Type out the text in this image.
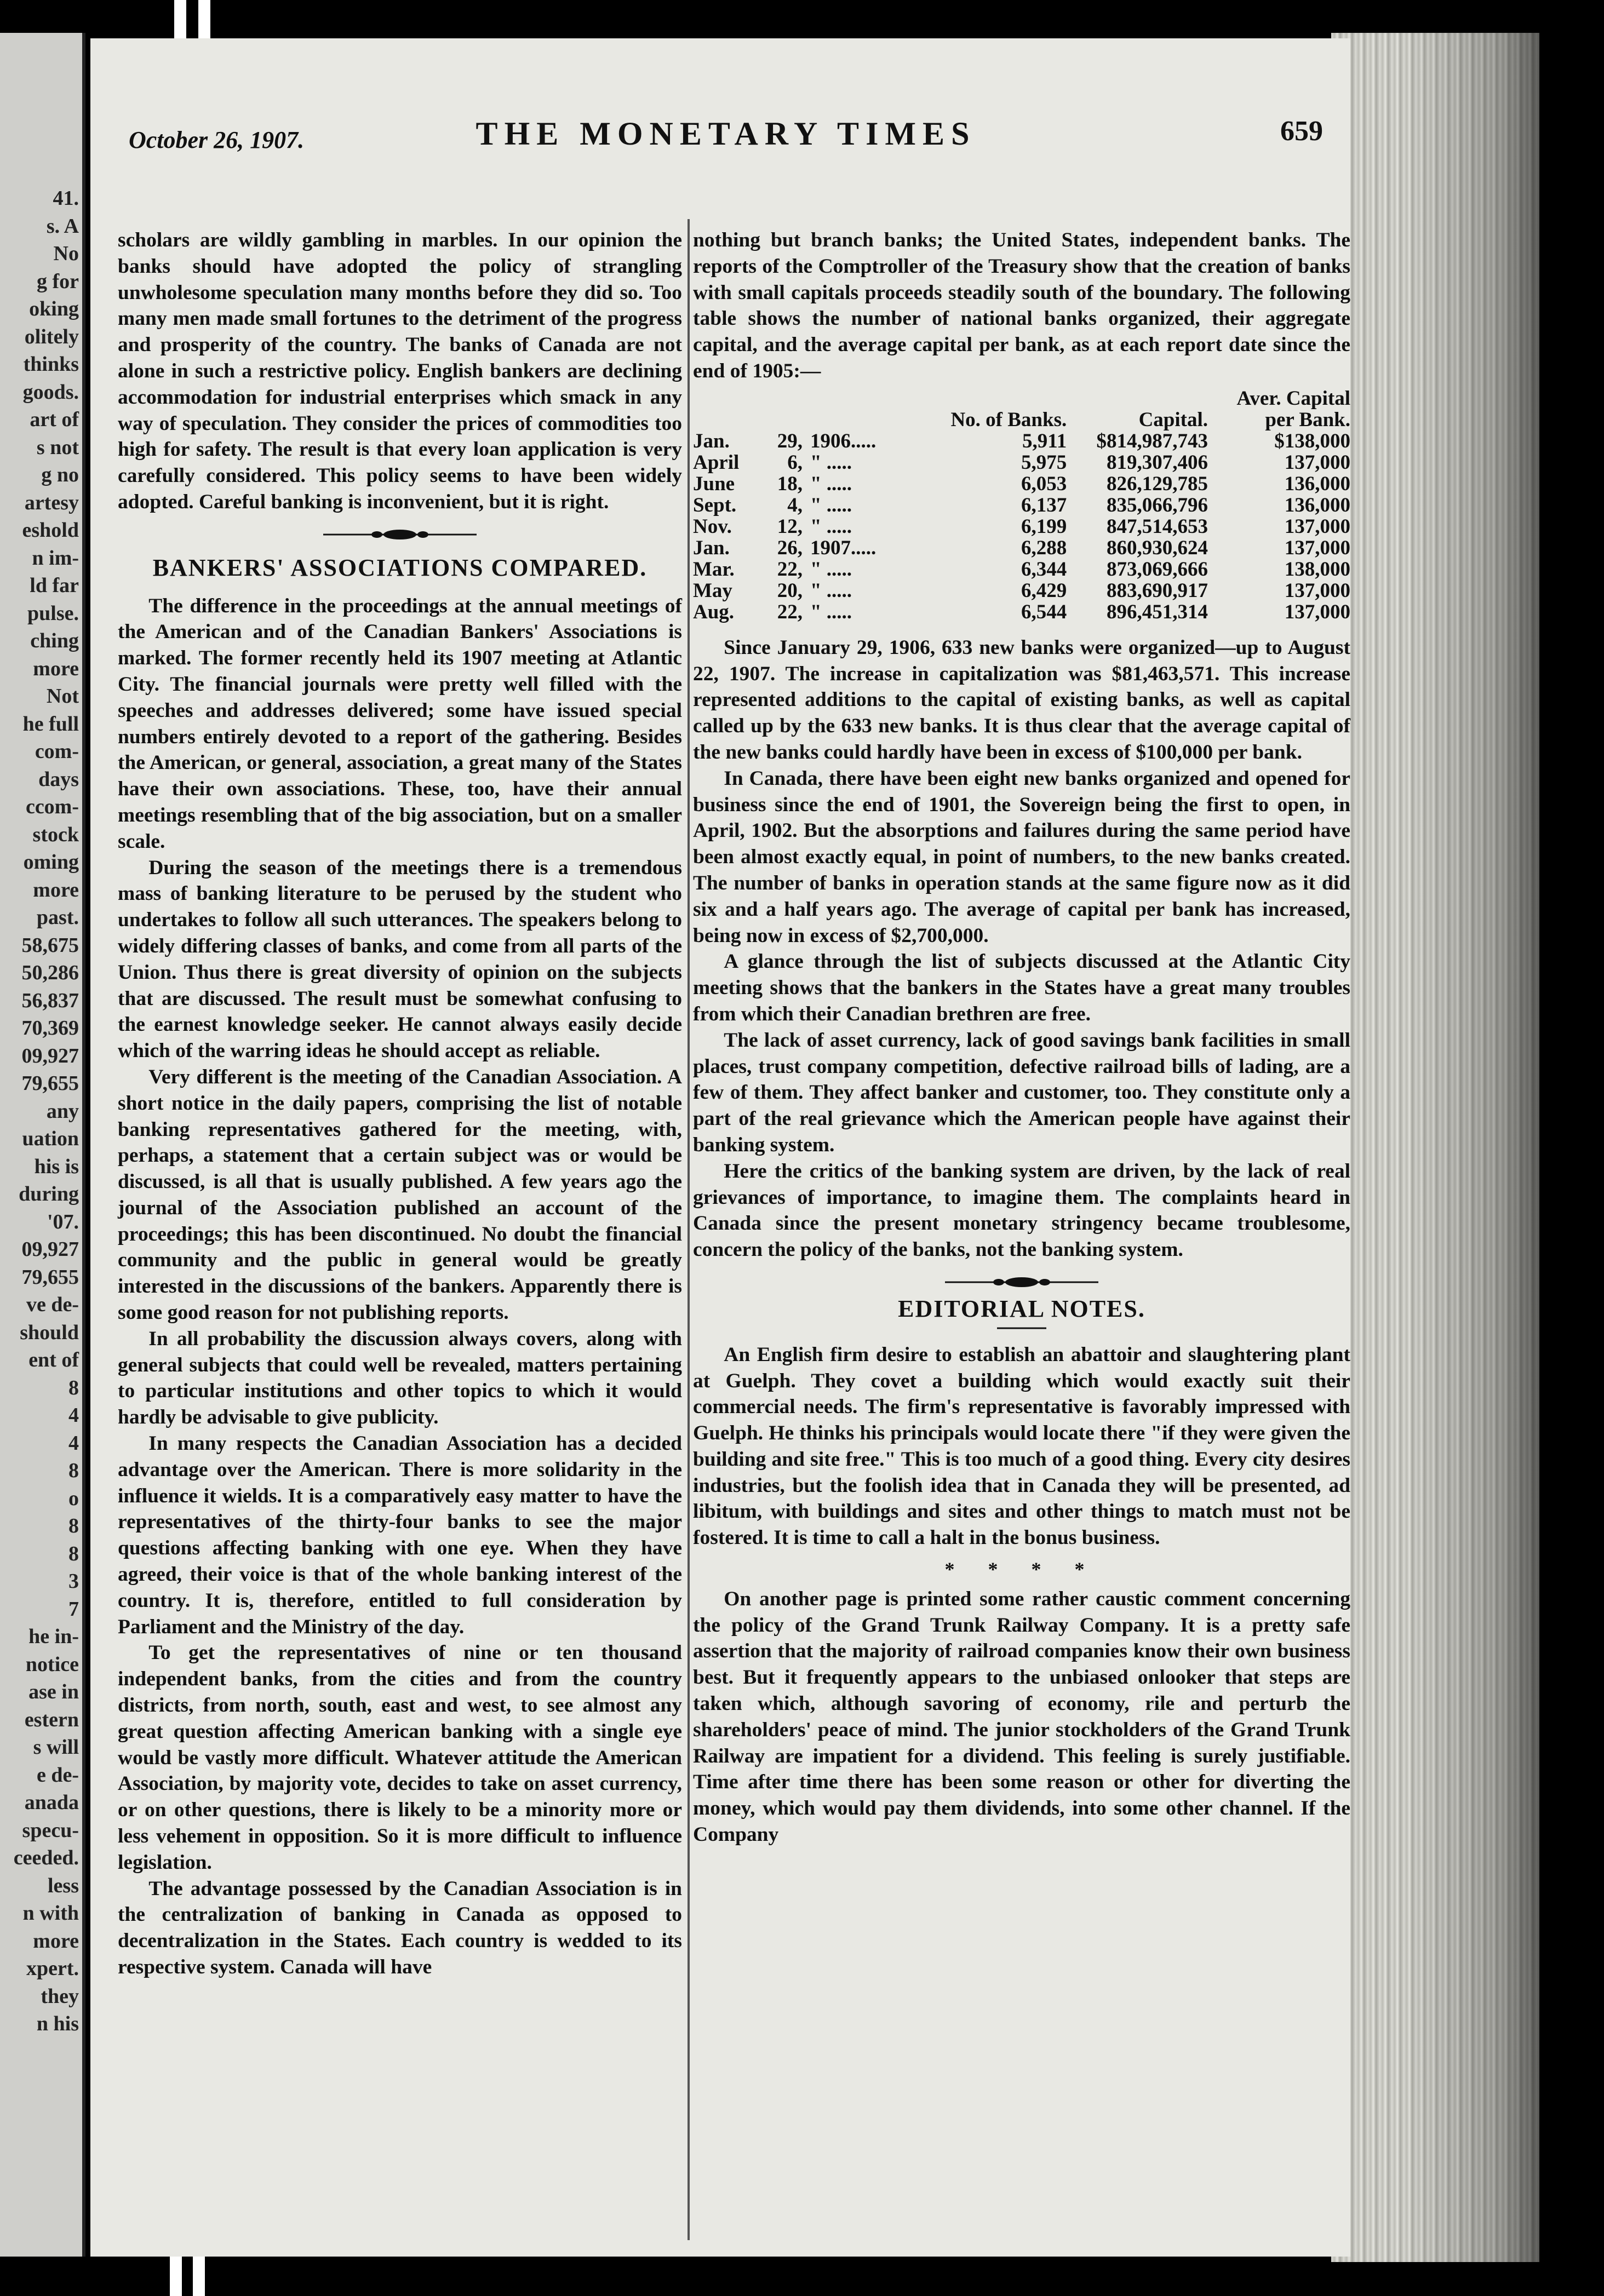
41.
s. A
No
g for
oking
olitely
thinks
goods.
art of
s not
g no
artesy
eshold
n im-
ld far
pulse.
ching
more
Not
he full
com-
days
ccom-
stock
oming
more
past.
58,675
50,286
56,837
70,369
09,927
79,655
any
uation
his is
during
'07.
09,927
79,655
ve de-
should
ent of
8
4
4
8
o
8
8
3
7
he in-
notice
ase in
estern
s will
e de-
anada
specu-
ceeded.
less
n with
more
xpert.
they
n his
October 26, 1907.	THE MONETARY TIMES	659

scholars are wildly gambling in marbles. In our opinion the banks should have adopted the policy of strangling unwholesome speculation many months before they did so. Too many men made small fortunes to the detriment of the progress and prosperity of the country. The banks of Canada are not alone in such a restrictive policy. English bankers are declining accommodation for industrial enterprises which smack in any way of speculation. They consider the prices of commodities too high for safety. The result is that every loan application is very carefully considered. This policy seems to have been widely adopted. Careful banking is inconvenient, but it is right.

BANKERS' ASSOCIATIONS COMPARED.

The difference in the proceedings at the annual meetings of the American and of the Canadian Bankers' Associations is marked. The former recently held its 1907 meeting at Atlantic City. The financial journals were pretty well filled with the speeches and addresses delivered; some have issued special numbers entirely devoted to a report of the gathering. Besides the American, or general, association, a great many of the States have their own associations. These, too, have their annual meetings resembling that of the big association, but on a smaller scale.

During the season of the meetings there is a tremendous mass of banking literature to be perused by the student who undertakes to follow all such utterances. The speakers belong to widely differing classes of banks, and come from all parts of the Union. Thus there is great diversity of opinion on the subjects that are discussed. The result must be somewhat confusing to the earnest knowledge seeker. He cannot always easily decide which of the warring ideas he should accept as reliable.

Very different is the meeting of the Canadian Association. A short notice in the daily papers, comprising the list of notable banking representatives gathered for the meeting, with, perhaps, a statement that a certain subject was or would be discussed, is all that is usually published. A few years ago the journal of the Association published an account of the proceedings; this has been discontinued. No doubt the financial community and the public in general would be greatly interested in the discussions of the bankers. Apparently there is some good reason for not publishing reports.

In all probability the discussion always covers, along with general subjects that could well be revealed, matters pertaining to particular institutions and other topics to which it would hardly be advisable to give publicity.

In many respects the Canadian Association has a decided advantage over the American. There is more solidarity in the influence it wields. It is a comparatively easy matter to have the representatives of the thirty-four banks to see the major questions affecting banking with one eye. When they have agreed, their voice is that of the whole banking interest of the country. It is, therefore, entitled to full consideration by Parliament and the Ministry of the day.

To get the representatives of nine or ten thousand independent banks, from the cities and from the country districts, from north, south, east and west, to see almost any great question affecting American banking with a single eye would be vastly more difficult. Whatever attitude the American Association, by majority vote, decides to take on asset currency, or on other questions, there is likely to be a minority more or less vehement in opposition. So it is more difficult to influence legislation.

The advantage possessed by the Canadian Association is in the centralization of banking in Canada as opposed to decentralization in the States. Each country is wedded to its respective system. Canada will have

nothing but branch banks; the United States, independent banks. The reports of the Comptroller of the Treasury show that the creation of banks with small capitals proceeds steadily south of the boundary. The following table shows the number of national banks organized, their aggregate capital, and the average capital per bank, as at each report date since the end of 1905:—

			No. of Banks.	Capital.	Aver. Capital per Bank.
Jan.	29,	1906.....	5,911	$814,987,743	$138,000
April	6,	" .....	5,975	819,307,406	137,000
June	18,	" .....	6,053	826,129,785	136,000
Sept.	4,	" .....	6,137	835,066,796	136,000
Nov.	12,	" .....	6,199	847,514,653	137,000
Jan.	26,	1907.....	6,288	860,930,624	137,000
Mar.	22,	" .....	6,344	873,069,666	138,000
May	20,	" .....	6,429	883,690,917	137,000
Aug.	22,	" .....	6,544	896,451,314	137,000

Since January 29, 1906, 633 new banks were organized—up to August 22, 1907. The increase in capitalization was $81,463,571. This increase represented additions to the capital of existing banks, as well as capital called up by the 633 new banks. It is thus clear that the average capital of the new banks could hardly have been in excess of $100,000 per bank.

In Canada, there have been eight new banks organized and opened for business since the end of 1901, the Sovereign being the first to open, in April, 1902. But the absorptions and failures during the same period have been almost exactly equal, in point of numbers, to the new banks created. The number of banks in operation stands at the same figure now as it did six and a half years ago. The average of capital per bank has increased, being now in excess of $2,700,000.

A glance through the list of subjects discussed at the Atlantic City meeting shows that the bankers in the States have a great many troubles from which their Canadian brethren are free.

The lack of asset currency, lack of good savings bank facilities in small places, trust company competition, defective railroad bills of lading, are a few of them. They affect banker and customer, too. They constitute only a part of the real grievance which the American people have against their banking system.

Here the critics of the banking system are driven, by the lack of real grievances of importance, to imagine them. The complaints heard in Canada since the present monetary stringency became troublesome, concern the policy of the banks, not the banking system.

EDITORIAL NOTES.

An English firm desire to establish an abattoir and slaughtering plant at Guelph. They covet a building which would exactly suit their commercial needs. The firm's representative is favorably impressed with Guelph. He thinks his principals would locate there "if they were given the building and site free." This is too much of a good thing. Every city desires industries, but the foolish idea that in Canada they will be presented, ad libitum, with buildings and sites and other things to match must not be fostered. It is time to call a halt in the bonus business.

* * * *

On another page is printed some rather caustic comment concerning the policy of the Grand Trunk Railway Company. It is a pretty safe assertion that the majority of railroad companies know their own business best. But it frequently appears to the unbiased onlooker that steps are taken which, although savoring of economy, rile and perturb the shareholders' peace of mind. The junior stockholders of the Grand Trunk Railway are impatient for a dividend. This feeling is surely justifiable. Time after time there has been some reason or other for diverting the money, which would pay them dividends, into some other channel. If the Company
